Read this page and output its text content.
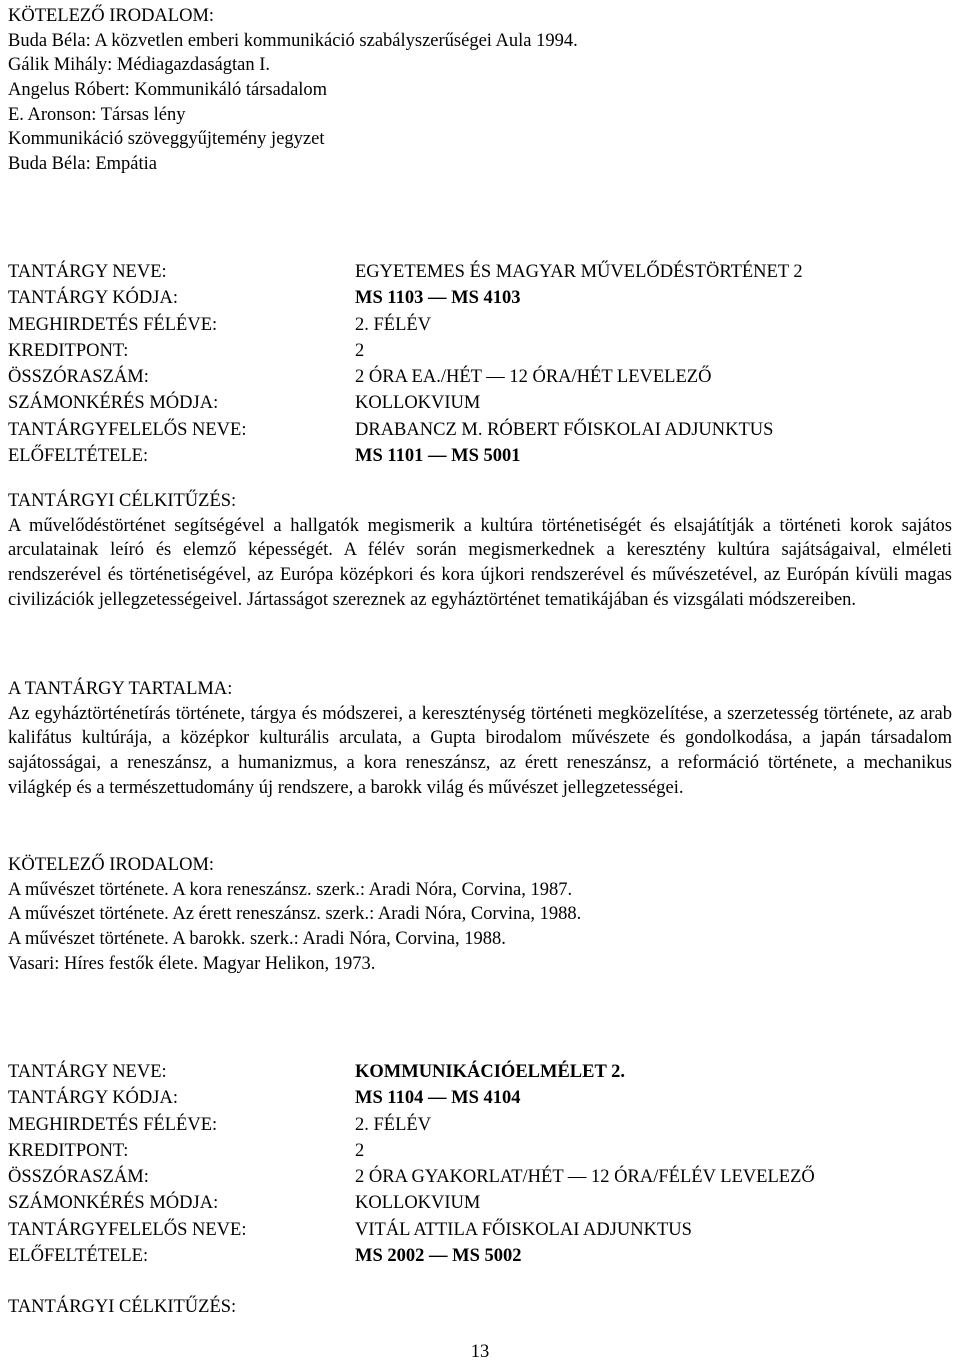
KÖTELEZŐ IRODALOM:
Buda Béla: A közvetlen emberi kommunikáció szabályszerűségei Aula 1994.
Gálik Mihály: Médiagazdaságtan I.
Angelus Róbert: Kommunikáló társadalom
E. Aronson: Társas lény
Kommunikáció szöveggyűjtemény jegyzet
Buda Béla: Empátia
TANTÁRGY NEVE:	EGYETEMES ÉS MAGYAR MŰVELŐDÉSTÖRTÉNET 2
TANTÁRGY KÓDJA:	MS 1103 — MS 4103
MEGHIRDETÉS FÉLÉVE:	2. FÉLÉV
KREDITPONT:	2
ÖSSZÓRASZÁM:	2 ÓRA EA./HÉT — 12 ÓRA/HÉT LEVELEZŐ
SZÁMONKÉRÉS MÓDJA:	KOLLOKVIUM
TANTÁRGYFELELŐS NEVE:	DRABANCZ M. RÓBERT FŐISKOLAI ADJUNKTUS
ELŐFELTÉTELE:	MS 1101 — MS 5001
TANTÁRGYI CÉLKITŰZÉS:

A művelődéstörténet segítségével a hallgatók megismerik a kultúra történetiségét és elsajátítják a történeti korok sajátos arculatainak leíró és elemző képességét. A félév során megismerkednek a keresztény kultúra sajátságaival, elméleti rendszerével és történetiségével, az Európa középkori és kora újkori rendszerével és művészetével, az Európán kívüli magas civilizációk jellegzetességeivel. Jártasságot szereznek az egyháztörténet tematikájában és vizsgálati módszereiben.

A TANTÁRGY TARTALMA:

Az egyháztörténetírás története, tárgya és módszerei, a kereszténység történeti megközelítése, a szerzetesség története, az arab kalifátus kultúrája, a középkor kulturális arculata, a Gupta birodalom művészete és gondolkodása, a japán társadalom sajátosságai, a reneszánsz, a humanizmus, a kora reneszánsz, az érett reneszánsz, a reformáció története, a mechanikus világkép és a természettudomány új rendszere, a barokk világ és művészet jellegzetességei.

KÖTELEZŐ IRODALOM:
A művészet története. A kora reneszánsz. szerk.: Aradi Nóra, Corvina, 1987.
A művészet története. Az érett reneszánsz. szerk.: Aradi Nóra, Corvina, 1988.
A művészet története. A barokk. szerk.: Aradi Nóra, Corvina, 1988.
Vasari: Híres festők élete. Magyar Helikon, 1973.
TANTÁRGY NEVE:	KOMMUNIKÁCIÓELMÉLET 2.
TANTÁRGY KÓDJA:	MS 1104 — MS 4104
MEGHIRDETÉS FÉLÉVE:	2. FÉLÉV
KREDITPONT:	2
ÖSSZÓRASZÁM:	2 ÓRA GYAKORLAT/HÉT — 12 ÓRA/FÉLÉV LEVELEZŐ
SZÁMONKÉRÉS MÓDJA:	KOLLOKVIUM
TANTÁRGYFELELŐS NEVE:	VITÁL ATTILA FŐISKOLAI ADJUNKTUS
ELŐFELTÉTELE:	MS 2002 — MS 5002
TANTÁRGYI CÉLKITŰZÉS:
13
